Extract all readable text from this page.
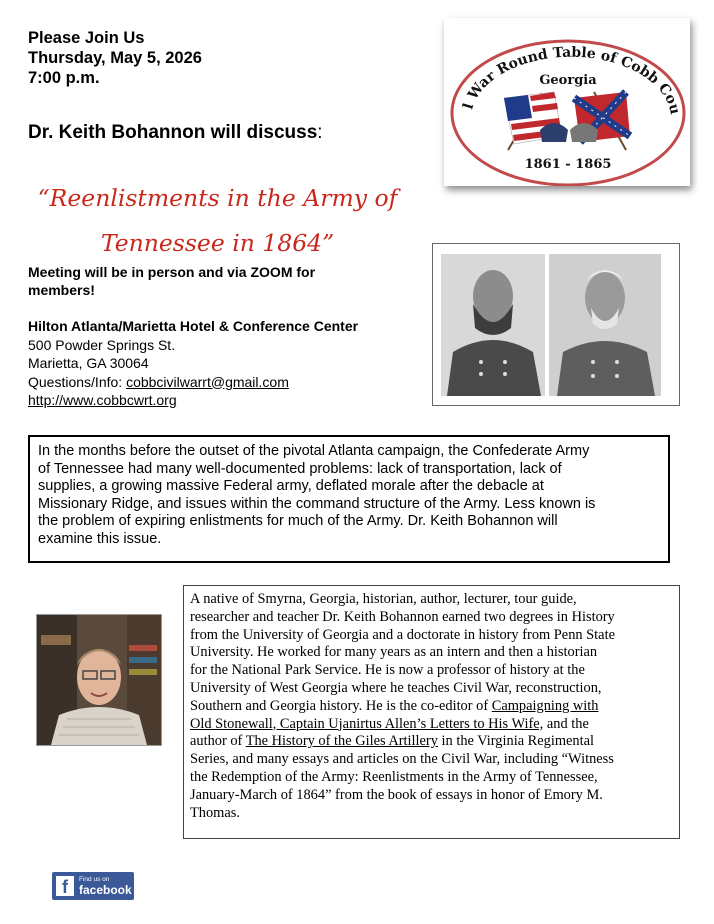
Please Join Us
Thursday, May 5, 2026
7:00 p.m.
Dr. Keith Bohannon will discuss:
“Reenlistments in the Army of
Tennessee in 1864”
Meeting will be in person and via ZOOM for
members!
Hilton Atlanta/Marietta Hotel & Conference Center
500 Powder Springs St.
Marietta, GA 30064
Questions/Info: cobbcivilwarrt@gmail.com
http://www.cobbcwrt.org
l War Round Table of Cobb Cou
Georgia
1861 - 1865
In the months before the outset of the pivotal Atlanta campaign, the Confederate Army
of Tennessee had many well-documented problems: lack of transportation, lack of
supplies, a growing massive Federal army, deflated morale after the debacle at
Missionary Ridge, and issues within the command structure of the Army. Less known is
the problem of expiring enlistments for much of the Army. Dr. Keith Bohannon will
examine this issue.
A native of Smyrna, Georgia, historian, author, lecturer, tour guide,
researcher and teacher Dr. Keith Bohannon earned two degrees in History
from the University of Georgia and a doctorate in history from Penn State
University. He worked for many years as an intern and then a historian
for the National Park Service. He is now a professor of history at the
University of West Georgia where he teaches Civil War, reconstruction,
Southern and Georgia history. He is the co-editor of Campaigning with
Old Stonewall, Captain Ujanirtus Allen’s Letters to His Wife, and the
author of The History of the Giles Artillery in the Virginia Regimental
Series, and many essays and articles on the Civil War, including “Witness
the Redemption of the Army: Reenlistments in the Army of Tennessee,
January-March of 1864” from the book of essays in honor of Emory M.
Thomas.
f	Find us on
facebook
